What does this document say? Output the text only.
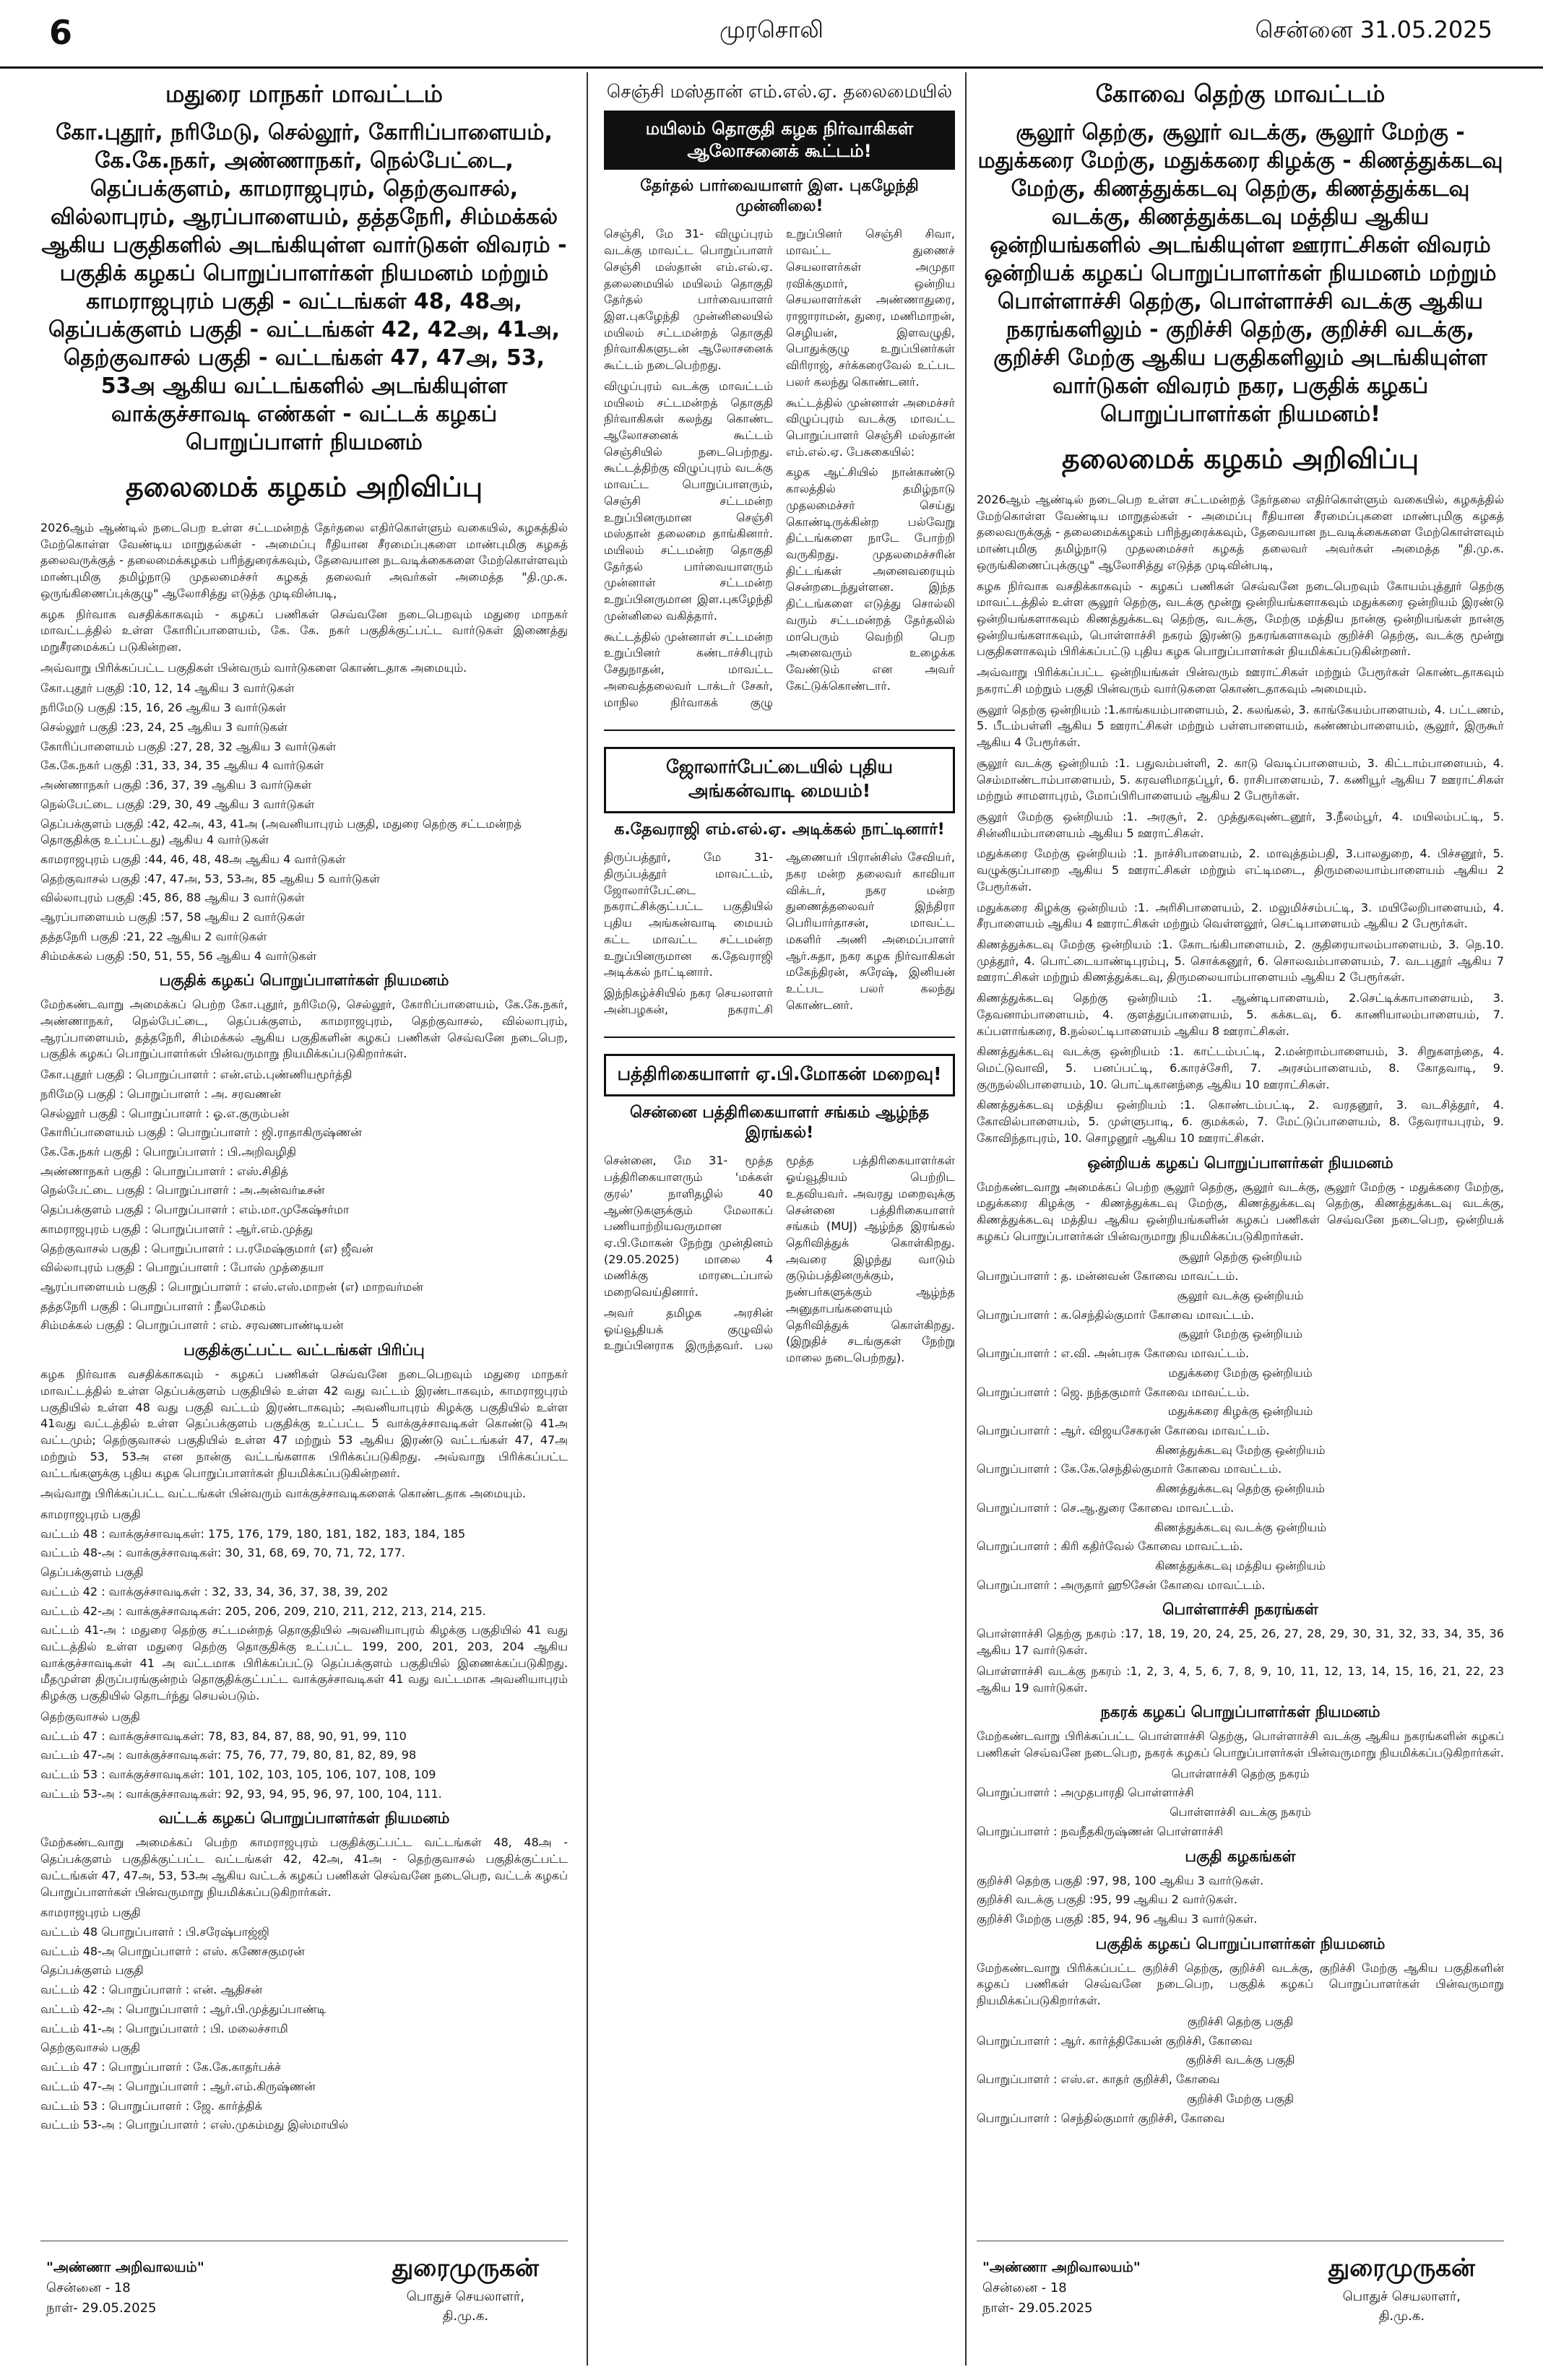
6	முரசொலி	சென்னை 31.05.2025
மதுரை மாநகர் மாவட்டம்
கோ.புதூர், நரிமேடு, செல்லூர், கோரிப்பாளையம், கே.கே.நகர், அண்ணாநகர், நெல்பேட்டை, தெப்பக்குளம், காமராஜபுரம், தெற்குவாசல், வில்லாபுரம், ஆரப்பாளையம், தத்தநேரி, சிம்மக்கல் ஆகிய பகுதிகளில் அடங்கியுள்ள வார்டுகள் விவரம் - பகுதிக் கழகப் பொறுப்பாளர்கள் நியமனம் மற்றும் காமராஜபுரம் பகுதி - வட்டங்கள் 48, 48அ, தெப்பக்குளம் பகுதி - வட்டங்கள் 42, 42அ, 41அ, தெற்குவாசல் பகுதி - வட்டங்கள் 47, 47அ, 53, 53அ ஆகிய வட்டங்களில் அடங்கியுள்ள வாக்குச்சாவடி எண்கள் - வட்டக் கழகப் பொறுப்பாளர் நியமனம்
தலைமைக் கழகம் அறிவிப்பு

2026ஆம் ஆண்டில் நடைபெற உள்ள சட்டமன்றத் தேர்தலை எதிர்கொள்ளும் வகையில், கழகத்தில் மேற்கொள்ள வேண்டிய மாறுதல்கள் - அமைப்பு ரீதியான சீரமைப்புகளை மாண்புமிகு கழகத் தலைவருக்குத் - தலைமைக்கழகம் பரிந்துரைக்கவும், தேவையான நடவடிக்கைகளை மேற்கொள்ளவும் மாண்புமிகு தமிழ்நாடு முதலமைச்சர் கழகத் தலைவர் அவர்கள் அமைத்த "தி.மு.க. ஒருங்கிணைப்புக்குழு" ஆலோசித்து எடுத்த முடிவின்படி,

கழக நிர்வாக வசதிக்காகவும் - கழகப் பணிகள் செவ்வனே நடைபெறவும் மதுரை மாநகர் மாவட்டத்தில் உள்ள கோரிப்பாளையம், கே. கே. நகர் பகுதிக்குட்பட்ட வார்டுகள் இணைத்து மறுசீரமைக்கப் படுகின்றன.

அவ்வாறு பிரிக்கப்பட்ட பகுதிகள் பின்வரும் வார்டுகளை கொண்டதாக அமையும்.

கோ.புதூர் பகுதி :10, 12, 14 ஆகிய 3 வார்டுகள்
நரிமேடு பகுதி :15, 16, 26 ஆகிய 3 வார்டுகள்
செல்லூர் பகுதி :23, 24, 25 ஆகிய 3 வார்டுகள்
கோரிப்பாளையம் பகுதி :27, 28, 32 ஆகிய 3 வார்டுகள்
கே.கே.நகர் பகுதி :31, 33, 34, 35 ஆகிய 4 வார்டுகள்
அண்ணாநகர் பகுதி :36, 37, 39 ஆகிய 3 வார்டுகள்
நெல்பேட்டை பகுதி :29, 30, 49 ஆகிய 3 வார்டுகள்
தெப்பக்குளம் பகுதி :42, 42அ, 43, 41அ (அவனியாபுரம் பகுதி, மதுரை தெற்கு சட்டமன்றத் தொகுதிக்கு உட்பட்டது) ஆகிய 4 வார்டுகள்
காமராஜபுரம் பகுதி :44, 46, 48, 48அ ஆகிய 4 வார்டுகள்
தெற்குவாசல் பகுதி :47, 47அ, 53, 53அ, 85 ஆகிய 5 வார்டுகள்
வில்லாபுரம் பகுதி :45, 86, 88 ஆகிய 3 வார்டுகள்
ஆரப்பாளையம் பகுதி :57, 58 ஆகிய 2 வார்டுகள்
தத்தநேரி பகுதி :21, 22 ஆகிய 2 வார்டுகள்
சிம்மக்கல் பகுதி :50, 51, 55, 56 ஆகிய 4 வார்டுகள்
பகுதிக் கழகப் பொறுப்பாளர்கள் நியமனம்

மேற்கண்டவாறு அமைக்கப் பெற்ற கோ.புதூர், நரிமேடு, செல்லூர், கோரிப்பாளையம், கே.கே.நகர், அண்ணாநகர், நெல்பேட்டை, தெப்பக்குளம், காமராஜபுரம், தெற்குவாசல், வில்லாபுரம், ஆரப்பாளையம், தத்தநேரி, சிம்மக்கல் ஆகிய பகுதிகளின் கழகப் பணிகள் செவ்வனே நடைபெற, பகுதிக் கழகப் பொறுப்பாளர்கள் பின்வருமாறு நியமிக்கப்படுகிறார்கள்.

கோ.புதூர் பகுதி : பொறுப்பாளர் : என்.எம்.புண்ணியமூர்த்தி
நரிமேடு பகுதி : பொறுப்பாளர் : அ. சரவணன்
செல்லூர் பகுதி : பொறுப்பாளர் : ஓ.எ.குரும்பன்
கோரிப்பாளையம் பகுதி : பொறுப்பாளர் : ஜி.ராதாகிருஷ்ணன்
கே.கே.நகர் பகுதி : பொறுப்பாளர் : பி.அறிவழிதி
அண்ணாநகர் பகுதி : பொறுப்பாளர் : எஸ்.சிதித்
நெல்பேட்டை பகுதி : பொறுப்பாளர் : அ.அன்வர்டீசன்
தெப்பக்குளம் பகுதி : பொறுப்பாளர் : எம்.மா.முகேஷ்சர்மா
காமராஜபுரம் பகுதி : பொறுப்பாளர் : ஆர்.எம்.முத்து
தெற்குவாசல் பகுதி : பொறுப்பாளர் : ப.ரமேஷ்குமார் (எ) ஜீவன்
வில்லாபுரம் பகுதி : பொறுப்பாளர் : போஸ் முத்தையா
ஆரப்பாளையம் பகுதி : பொறுப்பாளர் : எஸ்.எஸ்.மாறன் (எ) மாறவர்மன்
தத்தநேரி பகுதி : பொறுப்பாளர் : நீலமேகம்
சிம்மக்கல் பகுதி : பொறுப்பாளர் : எம். சரவணபாண்டியன்
பகுதிக்குட்பட்ட வட்டங்கள் பிரிப்பு

கழக நிர்வாக வசதிக்காகவும் - கழகப் பணிகள் செவ்வனே நடைபெறவும் மதுரை மாநகர் மாவட்டத்தில் உள்ள தெப்பக்குளம் பகுதியில் உள்ள 42 வது வட்டம் இரண்டாகவும், காமராஜபுரம் பகுதியில் உள்ள 48 வது பகுதி வட்டம் இரண்டாகவும்; அவனியாபுரம் கிழக்கு பகுதியில் உள்ள 41வது வட்டத்தில் உள்ள தெப்பக்குளம் பகுதிக்கு உட்பட்ட 5 வாக்குச்சாவடிகள் கொண்டு 41அ வட்டமும்; தெற்குவாசல் பகுதியில் உள்ள 47 மற்றும் 53 ஆகிய இரண்டு வட்டங்கள் 47, 47அ மற்றும் 53, 53அ என நான்கு வட்டங்களாக பிரிக்கப்படுகிறது. அவ்வாறு பிரிக்கப்பட்ட வட்டங்களுக்கு புதிய கழக பொறுப்பாளர்கள் நியமிக்கப்படுகின்றனர்.

அவ்வாறு பிரிக்கப்பட்ட வட்டங்கள் பின்வரும் வாக்குச்சாவடிகளைக் கொண்டதாக அமையும்.

காமராஜபுரம் பகுதி
வட்டம் 48 : வாக்குச்சாவடிகள்: 175, 176, 179, 180, 181, 182, 183, 184, 185
வட்டம் 48-அ : வாக்குச்சாவடிகள்: 30, 31, 68, 69, 70, 71, 72, 177.
தெப்பக்குளம் பகுதி
வட்டம் 42 : வாக்குச்சாவடிகள் : 32, 33, 34, 36, 37, 38, 39, 202
வட்டம் 42-அ : வாக்குச்சாவடிகள்: 205, 206, 209, 210, 211, 212, 213, 214, 215.

வட்டம் 41-அ : மதுரை தெற்கு சட்டமன்றத் தொகுதியில் அவனியாபுரம் கிழக்கு பகுதியில் 41 வது வட்டத்தில் உள்ள மதுரை தெற்கு தொகுதிக்கு உட்பட்ட 199, 200, 201, 203, 204 ஆகிய வாக்குச்சாவடிகள் 41 அ வட்டமாக பிரிக்கப்பட்டு தெப்பக்குளம் பகுதியில் இணைக்கப்படுகிறது. மீதமுள்ள திருப்பரங்குன்றம் தொகுதிக்குட்பட்ட வாக்குச்சாவடிகள் 41 வது வட்டமாக அவனியாபுரம் கிழக்கு பகுதியில் தொடர்ந்து செயல்படும்.

தெற்குவாசல் பகுதி
வட்டம் 47 : வாக்குச்சாவடிகள்: 78, 83, 84, 87, 88, 90, 91, 99, 110
வட்டம் 47-அ : வாக்குச்சாவடிகள்: 75, 76, 77, 79, 80, 81, 82, 89, 98
வட்டம் 53 : வாக்குச்சாவடிகள்: 101, 102, 103, 105, 106, 107, 108, 109
வட்டம் 53-அ : வாக்குச்சாவடிகள்: 92, 93, 94, 95, 96, 97, 100, 104, 111.
வட்டக் கழகப் பொறுப்பாளர்கள் நியமனம்

மேற்கண்டவாறு அமைக்கப் பெற்ற காமராஜபுரம் பகுதிக்குட்பட்ட வட்டங்கள் 48, 48அ - தெப்பக்குளம் பகுதிக்குட்பட்ட வட்டங்கள் 42, 42அ, 41அ - தெற்குவாசல் பகுதிக்குட்பட்ட வட்டங்கள் 47, 47அ, 53, 53அ ஆகிய வட்டக் கழகப் பணிகள் செவ்வனே நடைபெற, வட்டக் கழகப் பொறுப்பாளர்கள் பின்வருமாறு நியமிக்கப்படுகிறார்கள்.

காமராஜபுரம் பகுதி
வட்டம் 48 பொறுப்பாளர் : பி.சரேஷ்பாஜ்ஜி
வட்டம் 48-அ பொறுப்பாளர் : எஸ். கணேசகுமரன்
தெப்பக்குளம் பகுதி
வட்டம் 42 : பொறுப்பாளர் : என். ஆதிசன்
வட்டம் 42-அ : பொறுப்பாளர் : ஆர்.பி.முத்துப்பாண்டி
வட்டம் 41-அ : பொறுப்பாளர் : பி. மலைச்சாமி
தெற்குவாசல் பகுதி
வட்டம் 47 : பொறுப்பாளர் : கே.கே.காதர்பக்ச்
வட்டம் 47-அ : பொறுப்பாளர் : ஆர்.எம்.கிருஷ்ணன்
வட்டம் 53 : பொறுப்பாளர் : ஜே. கார்த்திக்
வட்டம் 53-அ : பொறுப்பாளர் : எஸ்.முகம்மது இஸ்மாயில்
"அண்ணா அறிவாலயம்"
சென்னை - 18
நாள்- 29.05.2025
துரைமுருகன்
பொதுச் செயலாளர்,
தி.மு.க.
செஞ்சி மஸ்தான் எம்.எல்.ஏ. தலைமையில்
மயிலம் தொகுதி கழக நிர்வாகிகள் ஆலோசனைக் கூட்டம்!
தேர்தல் பார்வையாளர் இள. புகழேந்தி முன்னிலை!

செஞ்சி, மே 31- விழுப்புரம் வடக்கு மாவட்ட பொறுப்பாளர் செஞ்சி மஸ்தான் எம்.எல்.ஏ. தலைமையில் மயிலம் தொகுதி தேர்தல் பார்வையாளர் இள.புகழேந்தி முன்னிலையில் மயிலம் சட்டமன்றத் தொகுதி நிர்வாகிகளுடன் ஆலோசனைக் கூட்டம் நடைபெற்றது.

விழுப்புரம் வடக்கு மாவட்டம் மயிலம் சட்டமன்றத் தொகுதி நிர்வாகிகள் கலந்து கொண்ட ஆலோசனைக் கூட்டம் செஞ்சியில் நடைபெற்றது. கூட்டத்திற்கு விழுப்புரம் வடக்கு மாவட்ட பொறுப்பாளரும், செஞ்சி சட்டமன்ற உறுப்பினருமான செஞ்சி மஸ்தான் தலைமை தாங்கினார். மயிலம் சட்டமன்ற தொகுதி தேர்தல் பார்வையாளரும் முன்னாள் சட்டமன்ற உறுப்பினருமான இள.புகழேந்தி முன்னிலை வகித்தார்.

கூட்டத்தில் முன்னாள் சட்டமன்ற உறுப்பினர் கண்டாச்சிபுரம் சேதுநாதன், மாவட்ட அவைத்தலைவர் டாக்டர் சேகர், மாநில நிர்வாகக் குழு உறுப்பினர் செஞ்சி சிவா, மாவட்ட துணைச் செயலாளர்கள் அமுதா ரவிக்குமார், ஒன்றிய செயலாளர்கள் அண்ணாதுரை, ராஜாராமன், துரை, மணிமாறன், செழியன், இளவழுதி, பொதுக்குழு உறுப்பினர்கள் விரிராஜ், சர்க்கரைவேல் உட்பட பலர் கலந்து கொண்டனர்.

கூட்டத்தில் முன்னாள் அமைச்சர் விழுப்புரம் வடக்கு மாவட்ட பொறுப்பாளர் செஞ்சி மஸ்தான் எம்.எல்.ஏ. பேசுகையில்:

கழக ஆட்சியில் நான்காண்டு காலத்தில் தமிழ்நாடு முதலமைச்சர் செய்து கொண்டிருக்கின்ற பல்வேறு திட்டங்களை நாடே போற்றி வருகிறது. முதலமைச்சரின் திட்டங்கள் அனைவரையும் சென்றடைந்துள்ளன. இந்த திட்டங்களை எடுத்து சொல்லி வரும் சட்டமன்றத் தேர்தலில் மாபெரும் வெற்றி பெற அனைவரும் உழைக்க வேண்டும் என அவர் கேட்டுக்கொண்டார்.

ஜோலார்பேட்டையில் புதிய அங்கன்வாடி மையம்!
க.தேவராஜி எம்.எல்.ஏ. அடிக்கல் நாட்டினார்!

திருப்பத்தூர், மே 31- திருப்பத்தூர் மாவட்டம், ஜோலார்பேட்டை நகராட்சிக்குட்பட்ட பகுதியில் புதிய அங்கன்வாடி மையம் கட்ட மாவட்ட சட்டமன்ற உறுப்பினருமான க.தேவராஜி அடிக்கல் நாட்டினார்.

இந்நிகழ்ச்சியில் நகர செயலாளர் அன்பழகன், நகராட்சி ஆணையர் பிரான்சிஸ் சேவியர், நகர மன்ற தலைவர் காவியா விக்டர், நகர மன்ற துணைத்தலைவர் இந்திரா பெரியார்தாசன், மாவட்ட மகளிர் அணி அமைப்பாளர் ஆர்.சுதா, நகர கழக நிர்வாகிகள் மகேந்திரன், சுரேஷ், இனியன் உட்பட பலர் கலந்து கொண்டனர்.

பத்திரிகையாளர் ஏ.பி.மோகன் மறைவு!
சென்னை பத்திரிகையாளர் சங்கம் ஆழ்ந்த இரங்கல்!

சென்னை, மே 31- மூத்த பத்திரிகையாளரும் 'மக்கள் குரல்' நாளிதழில் 40 ஆண்டுகளுக்கும் மேலாகப் பணியாற்றியவருமான ஏ.பி.மோகன் நேற்று முன்தினம் (29.05.2025) மாலை 4 மணிக்கு மாரடைப்பால் மறைவெய்தினார்.

அவர் தமிழக அரசின் ஓய்வூதியக் குழுவில் உறுப்பினராக இருந்தவர். பல மூத்த பத்திரிகையாளர்கள் ஓய்வூதியம் பெற்றிட உதவியவர். அவரது மறைவுக்கு சென்னை பத்திரிகையாளர் சங்கம் (MUJ) ஆழ்ந்த இரங்கல் தெரிவித்துக் கொள்கிறது. அவரை இழந்து வாடும் குடும்பத்தினருக்கும், நண்பர்களுக்கும் ஆழ்ந்த அனுதாபங்களையும் தெரிவித்துக் கொள்கிறது. (இறுதிச் சடங்குகள் நேற்று மாலை நடைபெற்றது).

கோவை தெற்கு மாவட்டம்
சூலூர் தெற்கு, சூலூர் வடக்கு, சூலூர் மேற்கு - மதுக்கரை மேற்கு, மதுக்கரை கிழக்கு - கிணத்துக்கடவு மேற்கு, கிணத்துக்கடவு தெற்கு, கிணத்துக்கடவு வடக்கு, கிணத்துக்கடவு மத்திய ஆகிய ஒன்றியங்களில் அடங்கியுள்ள ஊராட்சிகள் விவரம் ஒன்றியக் கழகப் பொறுப்பாளர்கள் நியமனம் மற்றும் பொள்ளாச்சி தெற்கு, பொள்ளாச்சி வடக்கு ஆகிய நகரங்களிலும் - குறிச்சி தெற்கு, குறிச்சி வடக்கு, குறிச்சி மேற்கு ஆகிய பகுதிகளிலும் அடங்கியுள்ள வார்டுகள் விவரம் நகர, பகுதிக் கழகப் பொறுப்பாளர்கள் நியமனம்!
தலைமைக் கழகம் அறிவிப்பு

2026ஆம் ஆண்டில் நடைபெற உள்ள சட்டமன்றத் தேர்தலை எதிர்கொள்ளும் வகையில், கழகத்தில் மேற்கொள்ள வேண்டிய மாறுதல்கள் - அமைப்பு ரீதியான சீரமைப்புகளை மாண்புமிகு கழகத் தலைவருக்குத் - தலைமைக்கழகம் பரிந்துரைக்கவும், தேவையான நடவடிக்கைகளை மேற்கொள்ளவும் மாண்புமிகு தமிழ்நாடு முதலமைச்சர் கழகத் தலைவர் அவர்கள் அமைத்த "தி.மு.க. ஒருங்கிணைப்புக்குழு" ஆலோசித்து எடுத்த முடிவின்படி,

கழக நிர்வாக வசதிக்காகவும் - கழகப் பணிகள் செவ்வனே நடைபெறவும் கோயம்புத்தூர் தெற்கு மாவட்டத்தில் உள்ள சூலூர் தெற்கு, வடக்கு மூன்று ஒன்றியங்களாகவும் மதுக்கரை ஒன்றியம் இரண்டு ஒன்றியங்களாகவும் கிணத்துக்கடவு தெற்கு, வடக்கு, மேற்கு மத்திய நான்கு ஒன்றியங்கள் நான்கு ஒன்றியங்களாகவும், பொள்ளாச்சி நகரம் இரண்டு நகரங்களாகவும் குறிச்சி தெற்கு, வடக்கு மூன்று பகுதிகளாகவும் பிரிக்கப்பட்டு புதிய கழக பொறுப்பாளர்கள் நியமிக்கப்படுகின்றனர்.

அவ்வாறு பிரிக்கப்பட்ட ஒன்றியங்கள் பின்வரும் ஊராட்சிகள் மற்றும் பேரூர்கள் கொண்டதாகவும் நகராட்சி மற்றும் பகுதி பின்வரும் வார்டுகளை கொண்டதாகவும் அமையும்.

சூலூர் தெற்கு ஒன்றியம் :1.காங்கயம்பாளையம், 2. கலங்கல், 3. காங்கேயம்பாளையம், 4. பட்டணம், 5. பீடம்பள்ளி ஆகிய 5 ஊராட்சிகள் மற்றும் பள்ளபாளையம், கண்ணம்பாளையம், சூலூர், இருகூர் ஆகிய 4 பேரூர்கள்.

சூலூர் வடக்கு ஒன்றியம் :1. பதுவம்பள்ளி, 2. காடு வெடிப்பாளையம், 3. கிட்டாம்பாளையம், 4. செம்மாண்டாம்பாளையம், 5. கரவளிமாதப்பூர், 6. ராசிபாளையம், 7. கணியூர் ஆகிய 7 ஊராட்சிகள் மற்றும் சாமளாபுரம், மோப்பிரிபாளையம் ஆகிய 2 பேரூர்கள்.

சூலூர் மேற்கு ஒன்றியம் :1. அரசூர், 2. முத்துகவுண்டனூர், 3.நீலம்பூர், 4. மயிலம்பட்டி, 5. சின்னியம்பாளையம் ஆகிய 5 ஊராட்சிகள்.

மதுக்கரை மேற்கு ஒன்றியம் :1. நாச்சிபாளையம், 2. மாவுத்தம்பதி, 3.பாலதுறை, 4. பிச்சனூர், 5. வழுக்குப்பாறை ஆகிய 5 ஊராட்சிகள் மற்றும் எட்டிமடை, திருமலையாம்பாளையம் ஆகிய 2 பேரூர்கள்.

மதுக்கரை கிழக்கு ஒன்றியம் :1. அரிசிபாளையம், 2. மலுமிச்சம்பட்டி, 3. மயிலேறிபாளையம், 4. சீரபாளையம் ஆகிய 4 ஊராட்சிகள் மற்றும் வெள்ளலூர், செட்டிபாளையம் ஆகிய 2 பேரூர்கள்.

கிணத்துக்கடவு மேற்கு ஒன்றியம் :1. கோடங்கிபாளையம், 2. குதிரையாலம்பாளையம், 3. நெ.10. முத்தூர், 4. பொட்டையாண்டிபுரம்பு, 5. சொக்கனூர், 6. சொலவம்பாளையம், 7. வடபுதூர் ஆகிய 7 ஊராட்சிகள் மற்றும் கிணத்துக்கடவு, திருமலையாம்பாளையம் ஆகிய 2 பேரூர்கள்.

கிணத்துக்கடவு தெற்கு ஒன்றியம் :1. ஆண்டிபாளையம், 2.செட்டிக்காபாளையம், 3. தேவனாம்பாளையம், 4. குளத்துப்பாளையம், 5. கக்கடவு, 6. காணியாலம்பாளையம், 7. கப்பளாங்கரை, 8.நல்லட்டிபாளையம் ஆகிய 8 ஊராட்சிகள்.

கிணத்துக்கடவு வடக்கு ஒன்றியம் :1. காட்டம்பட்டி, 2.மன்றாம்பாளையம், 3. சிறுகளந்தை, 4. மெட்டுவாவி, 5. பனப்பட்டி, 6.காரச்சேரி, 7. அரசம்பாளையம், 8. கோதவாடி, 9. குருநல்லிபாளையம், 10. பொட்டிகானந்தை ஆகிய 10 ஊராட்சிகள்.

கிணத்துக்கடவு மத்திய ஒன்றியம் :1. கொண்டம்பட்டி, 2. வரதனூர், 3. வடசித்தூர், 4. கோவில்பாளையம், 5. முள்ளுபாடி, 6. குமக்கல், 7. மேட்டுப்பாளையம், 8. தேவராயபுரம், 9. கோவிந்தாபுரம், 10. சொழனூர் ஆகிய 10 ஊராட்சிகள்.

ஒன்றியக் கழகப் பொறுப்பாளர்கள் நியமனம்

மேற்கண்டவாறு அமைக்கப் பெற்ற சூலூர் தெற்கு, சூலூர் வடக்கு, சூலூர் மேற்கு - மதுக்கரை மேற்கு, மதுக்கரை கிழக்கு - கிணத்துக்கடவு மேற்கு, கிணத்துக்கடவு தெற்கு, கிணத்துக்கடவு வடக்கு, கிணத்துக்கடவு மத்திய ஆகிய ஒன்றியங்களின் கழகப் பணிகள் செவ்வனே நடைபெற, ஒன்றியக் கழகப் பொறுப்பாளர்கள் பின்வருமாறு நியமிக்கப்படுகிறார்கள்.

சூலூர் தெற்கு ஒன்றியம்
பொறுப்பாளர் : த. மன்னவன் கோவை மாவட்டம்.
சூலூர் வடக்கு ஒன்றியம்
பொறுப்பாளர் : க.செந்தில்குமார் கோவை மாவட்டம்.
சூலூர் மேற்கு ஒன்றியம்
பொறுப்பாளர் : எ.வி. அன்பரசு கோவை மாவட்டம்.
மதுக்கரை மேற்கு ஒன்றியம்
பொறுப்பாளர் : ஜெ. நந்தகுமார் கோவை மாவட்டம்.
மதுக்கரை கிழக்கு ஒன்றியம்
பொறுப்பாளர் : ஆர். விஜயசேகரன் கோவை மாவட்டம்.
கிணத்துக்கடவு மேற்கு ஒன்றியம்
பொறுப்பாளர் : கே.கே.செந்தில்குமார் கோவை மாவட்டம்.
கிணத்துக்கடவு தெற்கு ஒன்றியம்
பொறுப்பாளர் : செ.ஆ.துரை கோவை மாவட்டம்.
கிணத்துக்கடவு வடக்கு ஒன்றியம்
பொறுப்பாளர் : கிரி கதிர்வேல் கோவை மாவட்டம்.
கிணத்துக்கடவு மத்திய ஒன்றியம்
பொறுப்பாளர் : அருதார் ஹூசேன் கோவை மாவட்டம்.
பொள்ளாச்சி நகரங்கள்

பொள்ளாச்சி தெற்கு நகரம் :17, 18, 19, 20, 24, 25, 26, 27, 28, 29, 30, 31, 32, 33, 34, 35, 36 ஆகிய 17 வார்டுகள்.

பொள்ளாச்சி வடக்கு நகரம் :1, 2, 3, 4, 5, 6, 7, 8, 9, 10, 11, 12, 13, 14, 15, 16, 21, 22, 23 ஆகிய 19 வார்டுகள்.

நகரக் கழகப் பொறுப்பாளர்கள் நியமனம்

மேற்கண்டவாறு பிரிக்கப்பட்ட பொள்ளாச்சி தெற்கு, பொள்ளாச்சி வடக்கு ஆகிய நகரங்களின் கழகப் பணிகள் செவ்வனே நடைபெற, நகரக் கழகப் பொறுப்பாளர்கள் பின்வருமாறு நியமிக்கப்படுகிறார்கள்.

பொள்ளாச்சி தெற்கு நகரம்
பொறுப்பாளர் : அமுதபாரதி பொள்ளாச்சி
பொள்ளாச்சி வடக்கு நகரம்
பொறுப்பாளர் : நவநீதகிருஷ்ணன் பொள்ளாச்சி
பகுதி கழகங்கள்
குறிச்சி தெற்கு பகுதி :97, 98, 100 ஆகிய 3 வார்டுகள்.
குறிச்சி வடக்கு பகுதி :95, 99 ஆகிய 2 வார்டுகள்.
குறிச்சி மேற்கு பகுதி :85, 94, 96 ஆகிய 3 வார்டுகள்.
பகுதிக் கழகப் பொறுப்பாளர்கள் நியமனம்

மேற்கண்டவாறு பிரிக்கப்பட்ட குறிச்சி தெற்கு, குறிச்சி வடக்கு, குறிச்சி மேற்கு ஆகிய பகுதிகளின் கழகப் பணிகள் செவ்வனே நடைபெற, பகுதிக் கழகப் பொறுப்பாளர்கள் பின்வருமாறு நியமிக்கப்படுகிறார்கள்.

குறிச்சி தெற்கு பகுதி
பொறுப்பாளர் : ஆர். கார்த்திகேயன் குறிச்சி, கோவை
குறிச்சி வடக்கு பகுதி
பொறுப்பாளர் : எஸ்.எ. காதர் குறிச்சி, கோவை
குறிச்சி மேற்கு பகுதி
பொறுப்பாளர் : செந்தில்குமார் குறிச்சி, கோவை
"அண்ணா அறிவாலயம்"
சென்னை - 18
நாள்- 29.05.2025
துரைமுருகன்
பொதுச் செயலாளர்,
தி.மு.க.
